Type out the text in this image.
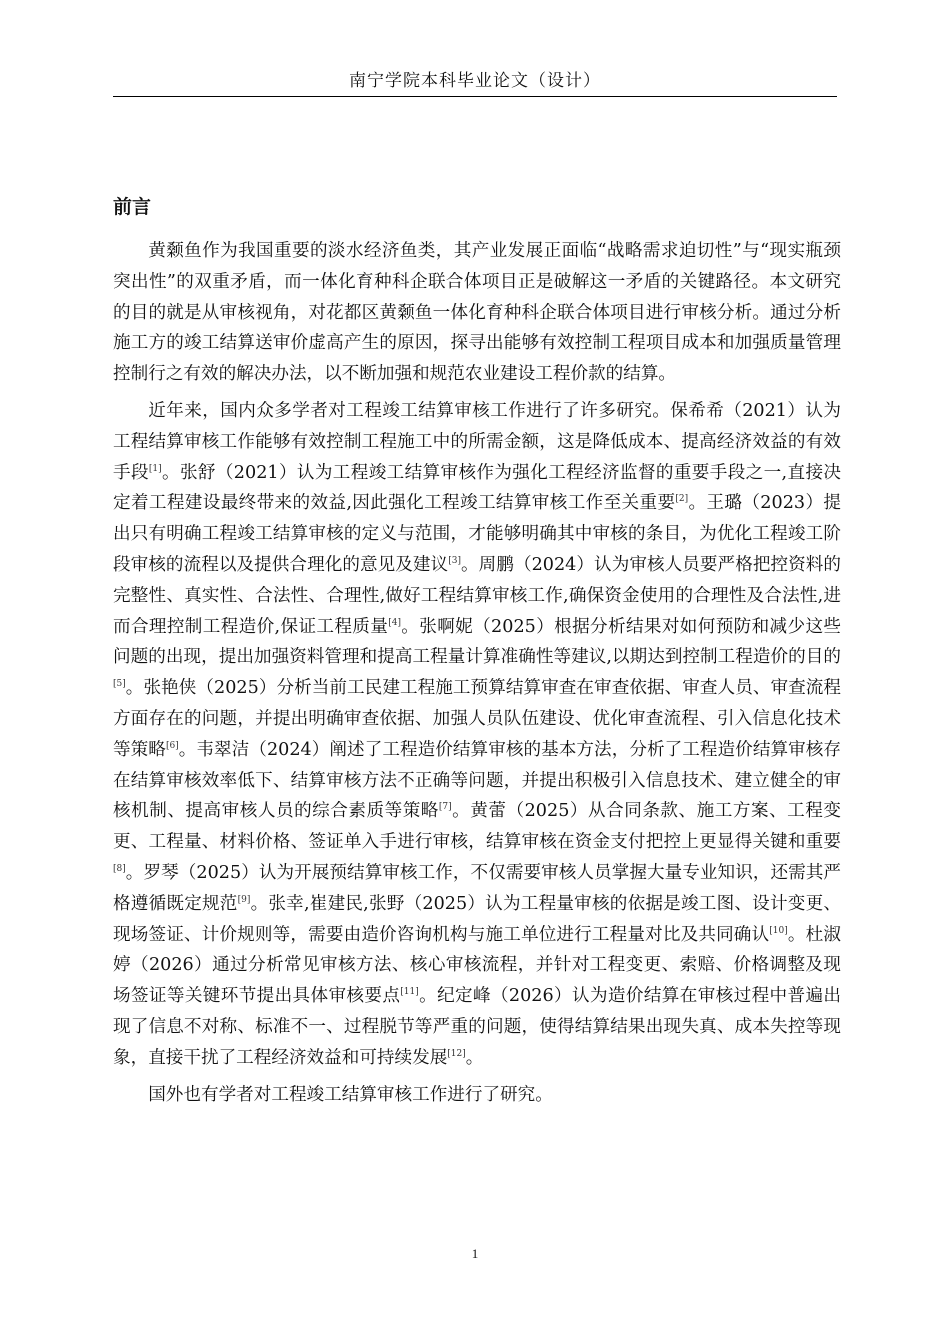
南宁学院本科毕业论文（设计）
前言

黄颡鱼作为我国重要的淡水经济鱼类，其产业发展正面临“战略需求迫切性”与“现实瓶颈突出性”的双重矛盾，而一体化育种科企联合体项目正是破解这一矛盾的关键路径。本文研究的目的就是从审核视角，对花都区黄颡鱼一体化育种科企联合体项目进行审核分析。通过分析施工方的竣工结算送审价虚高产生的原因，探寻出能够有效控制工程项目成本和加强质量管理控制行之有效的解决办法，以不断加强和规范农业建设工程价款的结算。

近年来，国内众多学者对工程竣工结算审核工作进行了许多研究。保希希（2021）认为工程结算审核工作能够有效控制工程施工中的所需金额，这是降低成本、提高经济效益的有效手段[1]。张舒（2021）认为工程竣工结算审核作为强化工程经济监督的重要手段之一,直接决定着工程建设最终带来的效益,因此强化工程竣工结算审核工作至关重要[2]。王璐（2023）提出只有明确工程竣工结算审核的定义与范围，才能够明确其中审核的条目，为优化工程竣工阶段审核的流程以及提供合理化的意见及建议[3]。周鹏（2024）认为审核人员要严格把控资料的完整性、真实性、合法性、合理性,做好工程结算审核工作,确保资金使用的合理性及合法性,进而合理控制工程造价,保证工程质量[4]。张啊妮（2025）根据分析结果对如何预防和减少这些问题的出现，提出加强资料管理和提高工程量计算准确性等建议,以期达到控制工程造价的目的[5]。张艳侠（2025）分析当前工民建工程施工预算结算审查在审查依据、审查人员、审查流程方面存在的问题，并提出明确审查依据、加强人员队伍建设、优化审查流程、引入信息化技术等策略[6]。韦翠洁（2024）阐述了工程造价结算审核的基本方法，分析了工程造价结算审核存在结算审核效率低下、结算审核方法不正确等问题，并提出积极引入信息技术、建立健全的审核机制、提高审核人员的综合素质等策略[7]。黄蕾（2025）从合同条款、施工方案、工程变更、工程量、材料价格、签证单入手进行审核，结算审核在资金支付把控上更显得关键和重要[8]。罗琴（2025）认为开展预结算审核工作，不仅需要审核人员掌握大量专业知识，还需其严格遵循既定规范[9]。张幸,崔建民,张野（2025）认为工程量审核的依据是竣工图、设计变更、现场签证、计价规则等，需要由造价咨询机构与施工单位进行工程量对比及共同确认[10]。杜淑婷（2026）通过分析常见审核方法、核心审核流程，并针对工程变更、索赔、价格调整及现场签证等关键环节提出具体审核要点[11]。纪定峰（2026）认为造价结算在审核过程中普遍出现了信息不对称、标准不一、过程脱节等严重的问题，使得结算结果出现失真、成本失控等现象，直接干扰了工程经济效益和可持续发展[12]。

国外也有学者对工程竣工结算审核工作进行了研究。

1
